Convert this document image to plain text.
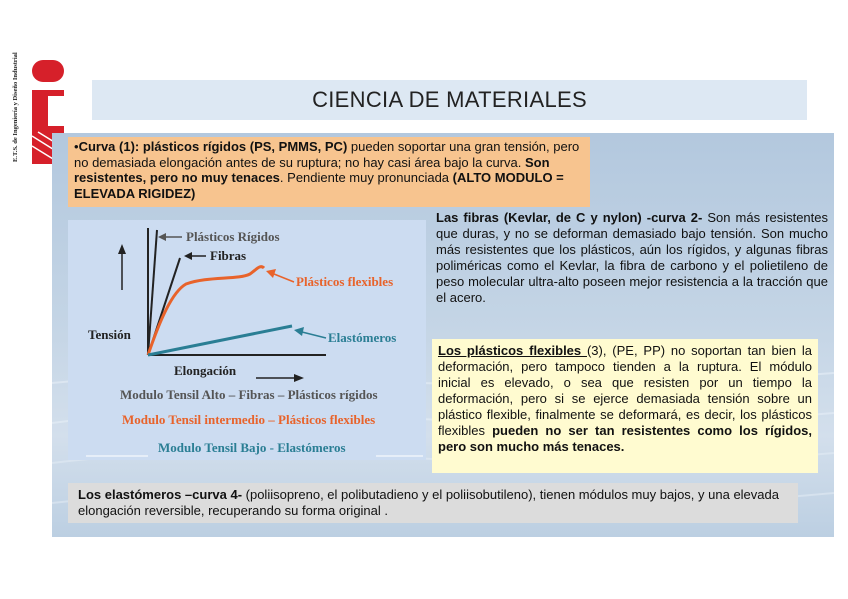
E.T.S. de Ingeniería y Diseño Industrial	CIENCIA DE MATERIALES
•Curva (1): plásticos rígidos (PS, PMMS, PC) pueden soportar una gran tensión, pero no demasiada elongación antes de su ruptura; no hay casi área bajo la curva. Son resistentes, pero no muy tenaces. Pendiente muy pronunciada (ALTO MODULO = ELEVADA RIGIDEZ)
Plásticos Rígidos
Fibras
Plásticos flexibles
Elastómeros
Tensión
Elongación
Modulo Tensil Alto – Fibras – Plásticos rígidos
Modulo Tensil intermedio – Plásticos flexibles
Modulo Tensil Bajo - Elastómeros
Las fibras (Kevlar, de C y nylon) -curva 2- Son más resistentes que duras, y no se deforman demasiado bajo tensión. Son mucho más resistentes que los plásticos, aún los rígidos, y algunas fibras poliméricas como el Kevlar, la fibra de carbono y el polietileno de peso molecular ultra-alto poseen mejor resistencia a la tracción que el acero.
Los plásticos flexibles (3), (PE, PP) no soportan tan bien la deformación, pero tampoco tienden a la ruptura. El módulo inicial es elevado, o sea que resisten por un tiempo la deformación, pero si se ejerce demasiada tensión sobre un plástico flexible, finalmente se deformará, es decir, los plásticos flexibles pueden no ser tan resistentes como los rígidos, pero son mucho más tenaces.
Los elastómeros –curva 4- (poliisopreno, el polibutadieno y el poliisobutileno), tienen módulos muy bajos, y una elevada elongación reversible, recuperando su forma original .
